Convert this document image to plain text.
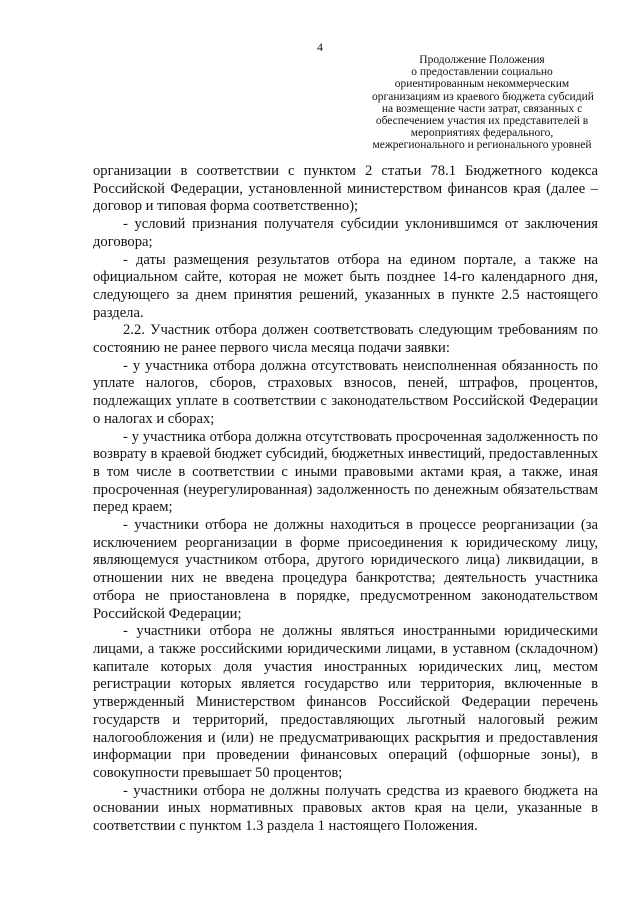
4
Продолжение Положения
о предоставлении социально
ориентированным некоммерческим
организациям из краевого бюджета субсидий
на возмещение части затрат, связанных с
обеспечением участия их представителей в
мероприятиях федерального,
межрегионального и регионального уровней

организации в соответствии с пунктом 2 статьи 78.1 Бюджетного кодекса Российской Федерации, установленной министерством финансов края (далее – договор и типовая форма соответственно);

- условий признания получателя субсидии уклонившимся от заключения договора;

- даты размещения результатов отбора на едином портале, а также на официальном сайте, которая не может быть позднее 14-го календарного дня, следующего за днем принятия решений, указанных в пункте 2.5 настоящего раздела.

2.2. Участник отбора должен соответствовать следующим требованиям по состоянию не ранее первого числа месяца подачи заявки:

- у участника отбора должна отсутствовать неисполненная обязанность по уплате налогов, сборов, страховых взносов, пеней, штрафов, процентов, подлежащих уплате в соответствии с законодательством Российской Федерации о налогах и сборах;

- у участника отбора должна отсутствовать просроченная задолженность по возврату в краевой бюджет субсидий, бюджетных инвестиций, предоставленных в том числе в соответствии с иными правовыми актами края, а также, иная просроченная (неурегулированная) задолженность по денежным обязательствам перед краем;

- участники отбора не должны находиться в процессе реорганизации (за исключением реорганизации в форме присоединения к юридическому лицу, являющемуся участником отбора, другого юридического лица) ликвидации, в отношении них не введена процедура банкротства; деятельность участника отбора не приостановлена в порядке, предусмотренном законодательством Российской Федерации;

- участники отбора не должны являться иностранными юридическими лицами, а также российскими юридическими лицами, в уставном (складочном) капитале которых доля участия иностранных юридических лиц, местом регистрации которых является государство или территория, включенные в утвержденный Министерством финансов Российской Федерации перечень государств и территорий, предоставляющих льготный налоговый режим налогообложения и (или) не предусматривающих раскрытия и предоставления информации при проведении финансовых операций (офшорные зоны), в совокупности превышает 50 процентов;

- участники отбора не должны получать средства из краевого бюджета на основании иных нормативных правовых актов края на цели, указанные в соответствии с пунктом 1.3 раздела 1 настоящего Положения.
